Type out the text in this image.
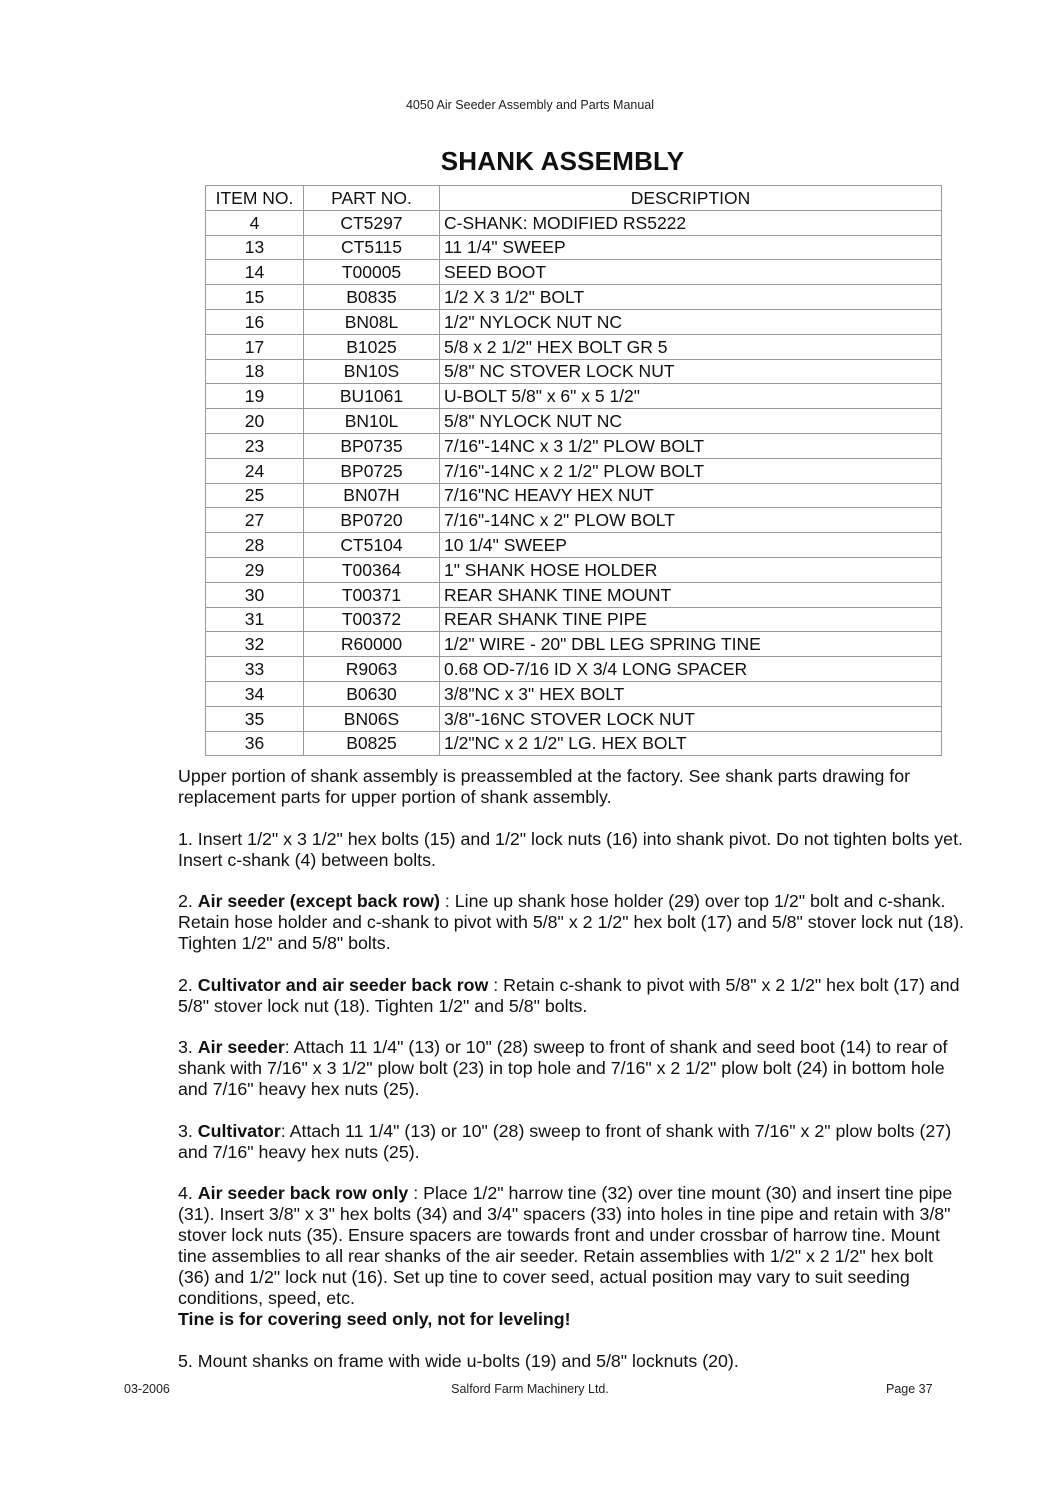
4050 Air Seeder Assembly and Parts Manual
SHANK ASSEMBLY
ITEM NO.	PART NO.	DESCRIPTION
4	CT5297	C-SHANK: MODIFIED RS5222
13	CT5115	11 1/4" SWEEP
14	T00005	SEED BOOT
15	B0835	1/2 X 3 1/2" BOLT
16	BN08L	1/2" NYLOCK NUT NC
17	B1025	5/8 x 2 1/2" HEX BOLT GR 5
18	BN10S	5/8" NC STOVER LOCK NUT
19	BU1061	U-BOLT 5/8" x 6" x 5 1/2"
20	BN10L	5/8" NYLOCK NUT NC
23	BP0735	7/16"-14NC x 3 1/2" PLOW BOLT
24	BP0725	7/16"-14NC x 2 1/2" PLOW BOLT
25	BN07H	7/16"NC HEAVY HEX NUT
27	BP0720	7/16"-14NC x 2" PLOW BOLT
28	CT5104	10 1/4" SWEEP
29	T00364	1" SHANK HOSE HOLDER
30	T00371	REAR SHANK TINE MOUNT
31	T00372	REAR SHANK TINE PIPE
32	R60000	1/2" WIRE - 20" DBL LEG SPRING TINE
33	R9063	0.68 OD-7/16 ID X 3/4 LONG SPACER
34	B0630	3/8"NC x 3" HEX BOLT
35	BN06S	3/8"-16NC STOVER LOCK NUT
36	B0825	1/2"NC x 2 1/2" LG. HEX BOLT

Upper portion of shank assembly is preassembled at the factory. See shank parts drawing for replacement parts for upper portion of shank assembly.

1. Insert 1/2" x 3 1/2" hex bolts (15) and 1/2" lock nuts (16) into shank pivot. Do not tighten bolts yet. Insert c-shank (4) between bolts.

2. Air seeder (except back row) : Line up shank hose holder (29) over top 1/2" bolt and c-shank. Retain hose holder and c-shank to pivot with 5/8" x 2 1/2" hex bolt (17) and 5/8" stover lock nut (18). Tighten 1/2" and 5/8" bolts.

2. Cultivator and air seeder back row : Retain c-shank to pivot with 5/8" x 2 1/2" hex bolt (17) and 5/8" stover lock nut (18). Tighten 1/2" and 5/8" bolts.

3. Air seeder: Attach 11 1/4" (13) or 10" (28) sweep to front of shank and seed boot (14) to rear of shank with 7/16" x 3 1/2" plow bolt (23) in top hole and 7/16" x 2 1/2" plow bolt (24) in bottom hole and 7/16" heavy hex nuts (25).

3. Cultivator: Attach 11 1/4" (13) or 10" (28) sweep to front of shank with 7/16" x 2" plow bolts (27) and 7/16" heavy hex nuts (25).

4. Air seeder back row only : Place 1/2" harrow tine (32) over tine mount (30) and insert tine pipe (31). Insert 3/8" x 3" hex bolts (34) and 3/4" spacers (33) into holes in tine pipe and retain with 3/8" stover lock nuts (35). Ensure spacers are towards front and under crossbar of harrow tine. Mount tine assemblies to all rear shanks of the air seeder. Retain assemblies with 1/2" x 2 1/2" hex bolt (36) and 1/2" lock nut (16). Set up tine to cover seed, actual position may vary to suit seeding conditions, speed, etc.
Tine is for covering seed only, not for leveling!

5. Mount shanks on frame with wide u-bolts (19) and 5/8" locknuts (20).

03-2006	Salford Farm Machinery Ltd.	Page 37
